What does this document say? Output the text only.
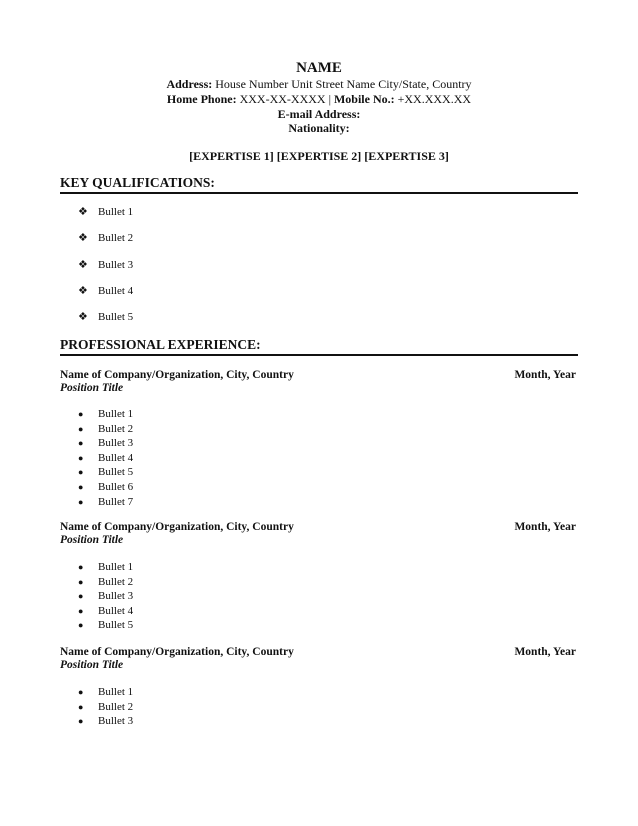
NAME
Address: House Number Unit Street Name City/State, Country
Home Phone: XXX-XX-XXXX | Mobile No.: +XX.XXX.XX
E-mail Address:
Nationality:
[EXPERTISE 1] [EXPERTISE 2] [EXPERTISE 3]
KEY QUALIFICATIONS:
❖ Bullet 1
❖ Bullet 2
❖ Bullet 3
❖ Bullet 4
❖ Bullet 5
PROFESSIONAL EXPERIENCE:
Name of Company/Organization, City, Country	Month, Year
Position Title
● Bullet 1
● Bullet 2
● Bullet 3
● Bullet 4
● Bullet 5
● Bullet 6
● Bullet 7
Name of Company/Organization, City, Country	Month, Year
Position Title
● Bullet 1
● Bullet 2
● Bullet 3
● Bullet 4
● Bullet 5
Name of Company/Organization, City, Country	Month, Year
Position Title
● Bullet 1
● Bullet 2
● Bullet 3
